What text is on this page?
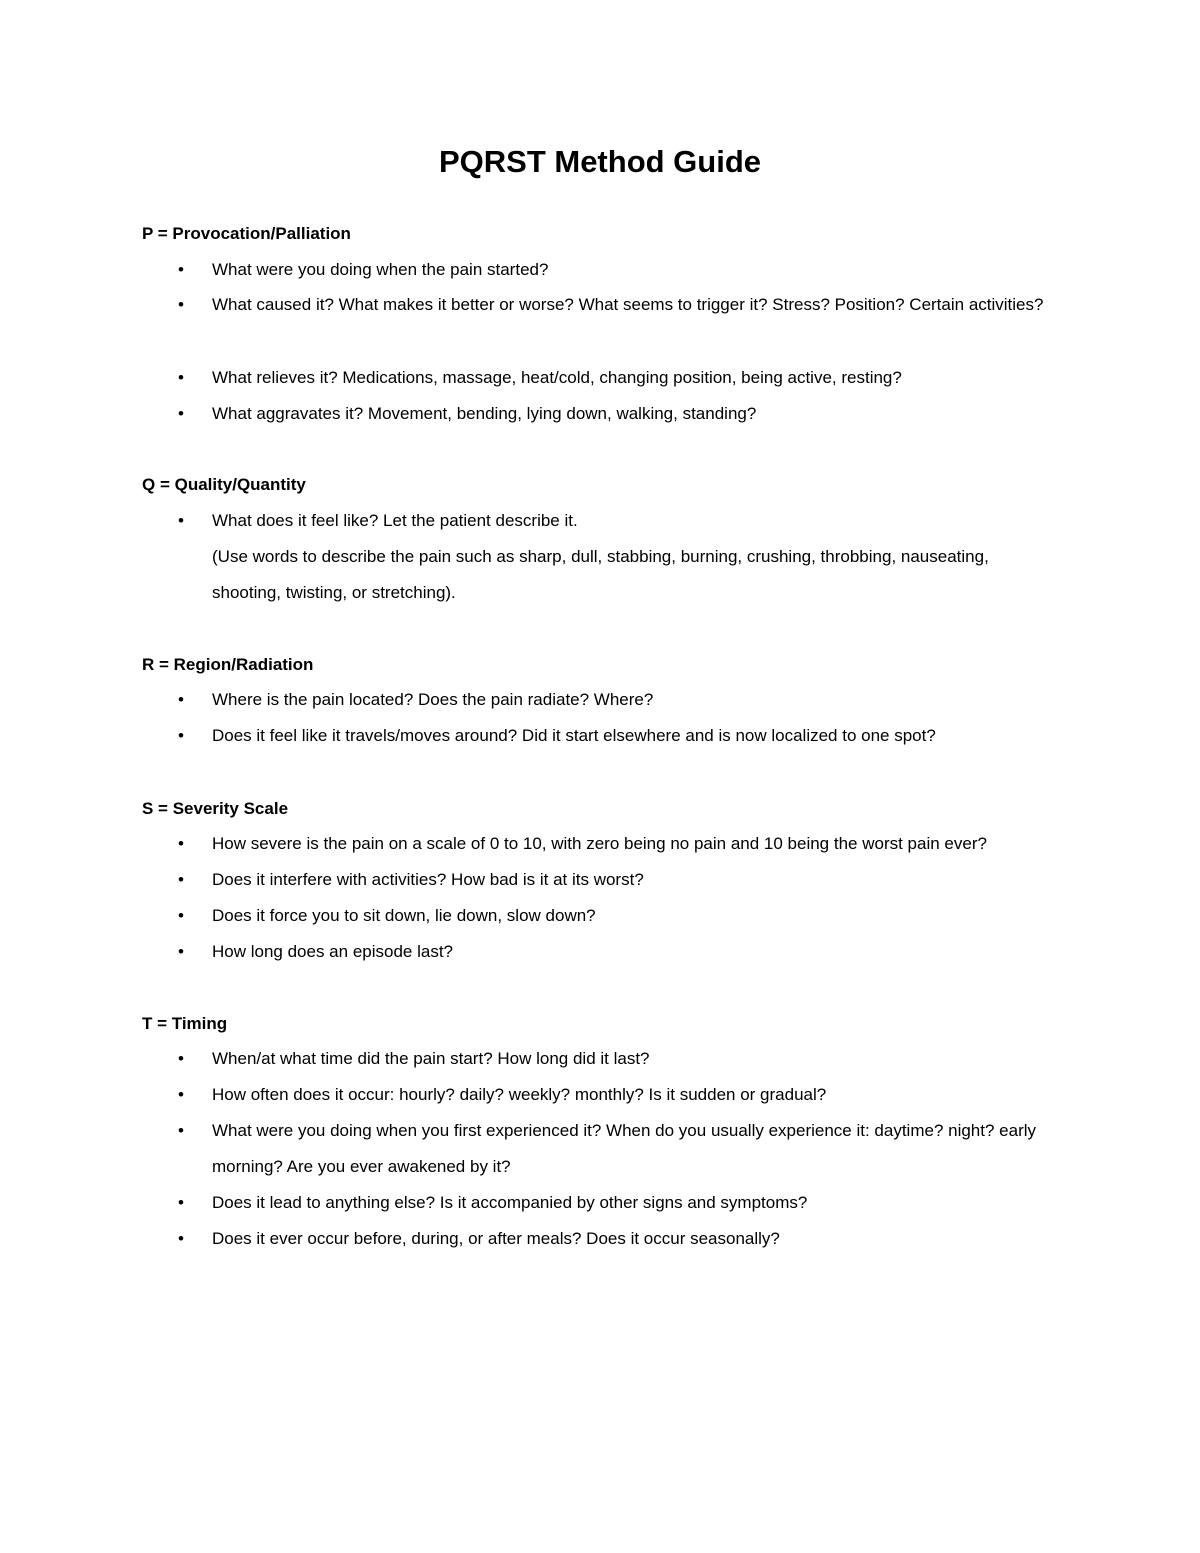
PQRST Method Guide
P = Provocation/Palliation
• What were you doing when the pain started?
• What caused it? What makes it better or worse? What seems to trigger it? Stress? Position? Certain activities?
• What relieves it? Medications, massage, heat/cold, changing position, being active, resting?
• What aggravates it? Movement, bending, lying down, walking, standing?
Q = Quality/Quantity
• What does it feel like? Let the patient describe it.
(Use words to describe the pain such as sharp, dull, stabbing, burning, crushing, throbbing, nauseating, shooting, twisting, or stretching).
R = Region/Radiation
• Where is the pain located? Does the pain radiate? Where?
• Does it feel like it travels/moves around? Did it start elsewhere and is now localized to one spot?
S = Severity Scale
• How severe is the pain on a scale of 0 to 10, with zero being no pain and 10 being the worst pain ever?
• Does it interfere with activities? How bad is it at its worst?
• Does it force you to sit down, lie down, slow down?
• How long does an episode last?
T = Timing
• When/at what time did the pain start? How long did it last?
• How often does it occur: hourly? daily? weekly? monthly? Is it sudden or gradual?
• What were you doing when you first experienced it? When do you usually experience it: daytime? night? early morning? Are you ever awakened by it?
• Does it lead to anything else? Is it accompanied by other signs and symptoms?
• Does it ever occur before, during, or after meals? Does it occur seasonally?
